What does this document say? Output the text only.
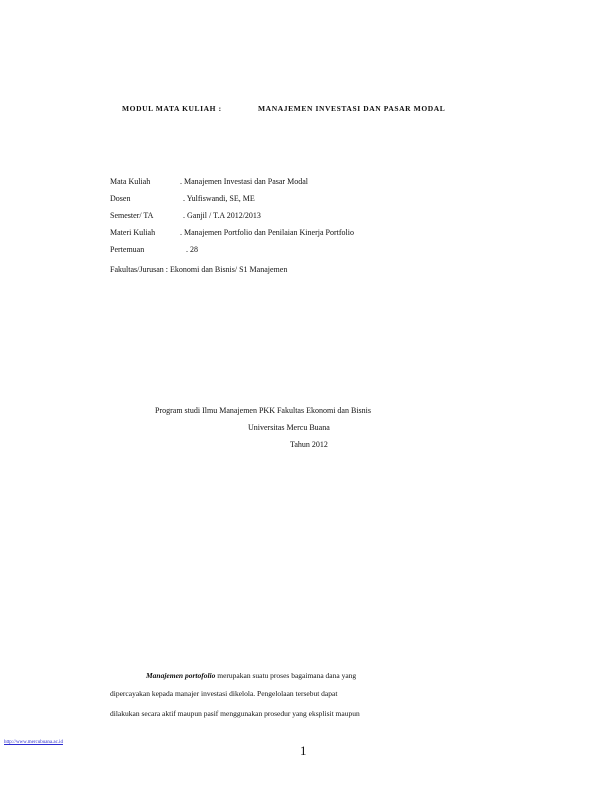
MODUL MATA KULIAH :	MANAJEMEN INVESTASI DAN PASAR MODAL
Mata Kuliah	. Manajemen Investasi dan Pasar Modal
Dosen	. Yulfiswandi, SE, ME
Semester/ TA	. Ganjil / T.A 2012/2013
Materi Kuliah	. Manajemen Portfolio dan Penilaian Kinerja Portfolio
Pertemuan	. 28
Fakultas/Jurusan : Ekonomi dan Bisnis/ S1 Manajemen
Program studi Ilmu Manajemen PKK Fakultas Ekonomi dan Bisnis
Universitas Mercu Buana
Tahun 2012
Manajemen portofolio merupakan suatu proses bagaimana dana yang
dipercayakan kepada manajer investasi dikelola. Pengelolaan tersebut dapat
dilakukan secara aktif maupun pasif menggunakan prosedur yang eksplisit maupun
http://www.mercubuana.ac.id
1
